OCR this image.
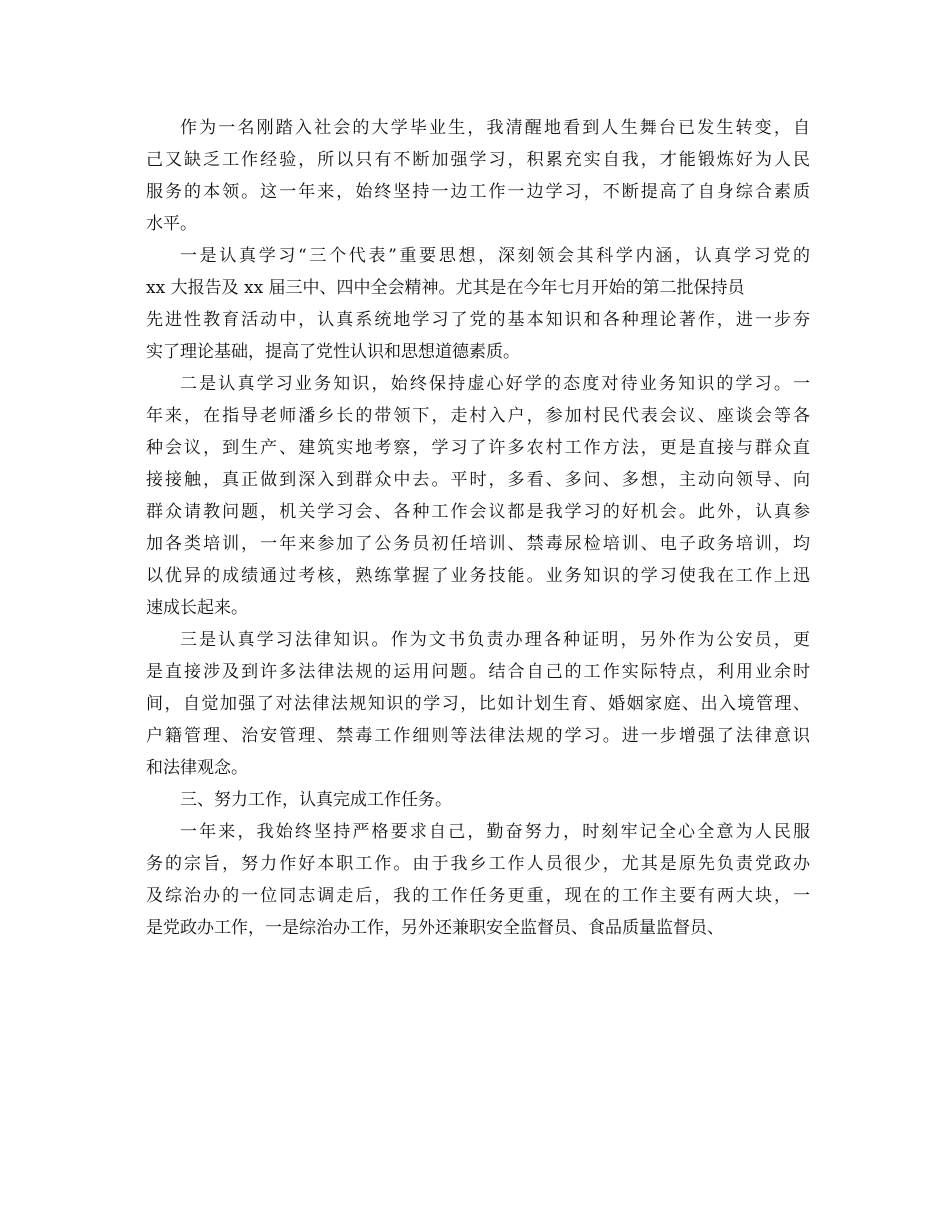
作为一名刚踏入社会的大学毕业生，我清醒地看到人生舞台已发生转变，自
己又缺乏工作经验，所以只有不断加强学习，积累充实自我，才能锻炼好为人民
服务的本领。这一年来，始终坚持一边工作一边学习，不断提高了自身综合素质
水平。
一是认真学习“三个代表”重要思想，深刻领会其科学内涵，认真学习党的
xx 大报告及 xx 届三中、四中全会精神。尤其是在今年七月开始的第二批保持员
先进性教育活动中，认真系统地学习了党的基本知识和各种理论著作，进一步夯
实了理论基础，提高了党性认识和思想道德素质。
二是认真学习业务知识，始终保持虚心好学的态度对待业务知识的学习。一
年来，在指导老师潘乡长的带领下，走村入户，参加村民代表会议、座谈会等各
种会议，到生产、建筑实地考察，学习了许多农村工作方法，更是直接与群众直
接接触，真正做到深入到群众中去。平时，多看、多问、多想，主动向领导、向
群众请教问题，机关学习会、各种工作会议都是我学习的好机会。此外，认真参
加各类培训，一年来参加了公务员初任培训、禁毒尿检培训、电子政务培训，均
以优异的成绩通过考核，熟练掌握了业务技能。业务知识的学习使我在工作上迅
速成长起来。
三是认真学习法律知识。作为文书负责办理各种证明，另外作为公安员，更
是直接涉及到许多法律法规的运用问题。结合自己的工作实际特点，利用业余时
间，自觉加强了对法律法规知识的学习，比如计划生育、婚姻家庭、出入境管理、
户籍管理、治安管理、禁毒工作细则等法律法规的学习。进一步增强了法律意识
和法律观念。
三、努力工作，认真完成工作任务。
一年来，我始终坚持严格要求自己，勤奋努力，时刻牢记全心全意为人民服
务的宗旨，努力作好本职工作。由于我乡工作人员很少，尤其是原先负责党政办
及综治办的一位同志调走后，我的工作任务更重，现在的工作主要有两大块，一
是党政办工作，一是综治办工作，另外还兼职安全监督员、食品质量监督员、
